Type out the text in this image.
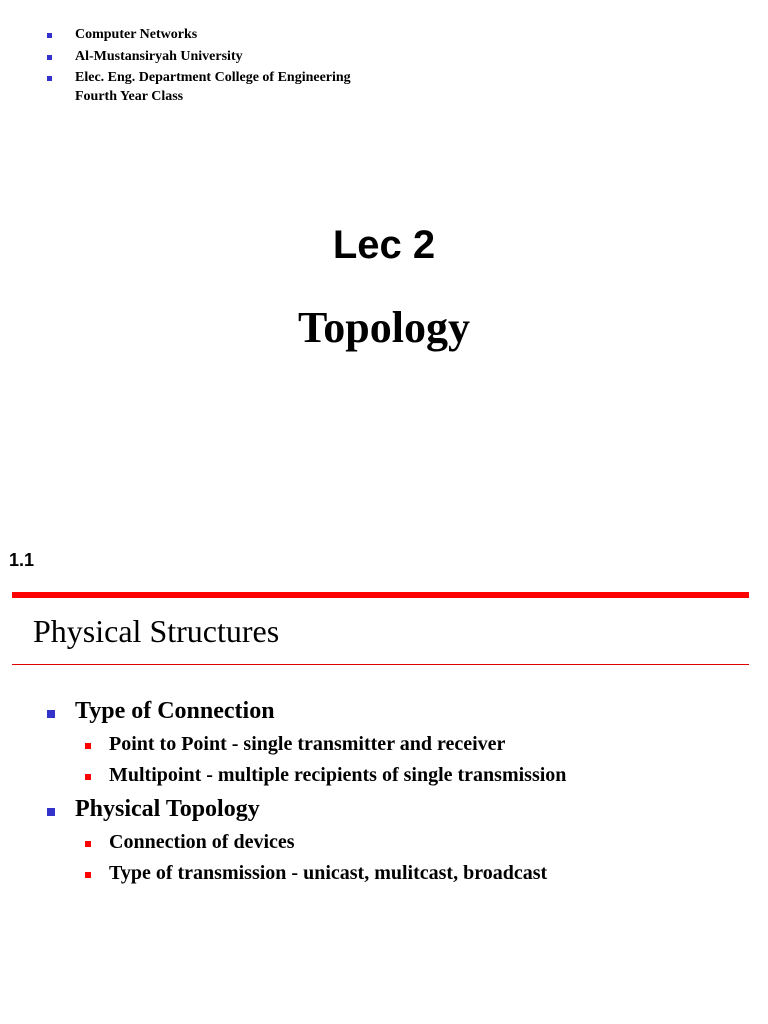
Computer Networks
Al-Mustansiryah University
Elec. Eng. Department College of Engineering
Fourth Year Class
Lec 2
Topology
1.1
Physical Structures
Type of Connection
Point to Point - single transmitter and receiver
Multipoint - multiple recipients of single transmission
Physical Topology
Connection of devices
Type of transmission - unicast, mulitcast, broadcast
